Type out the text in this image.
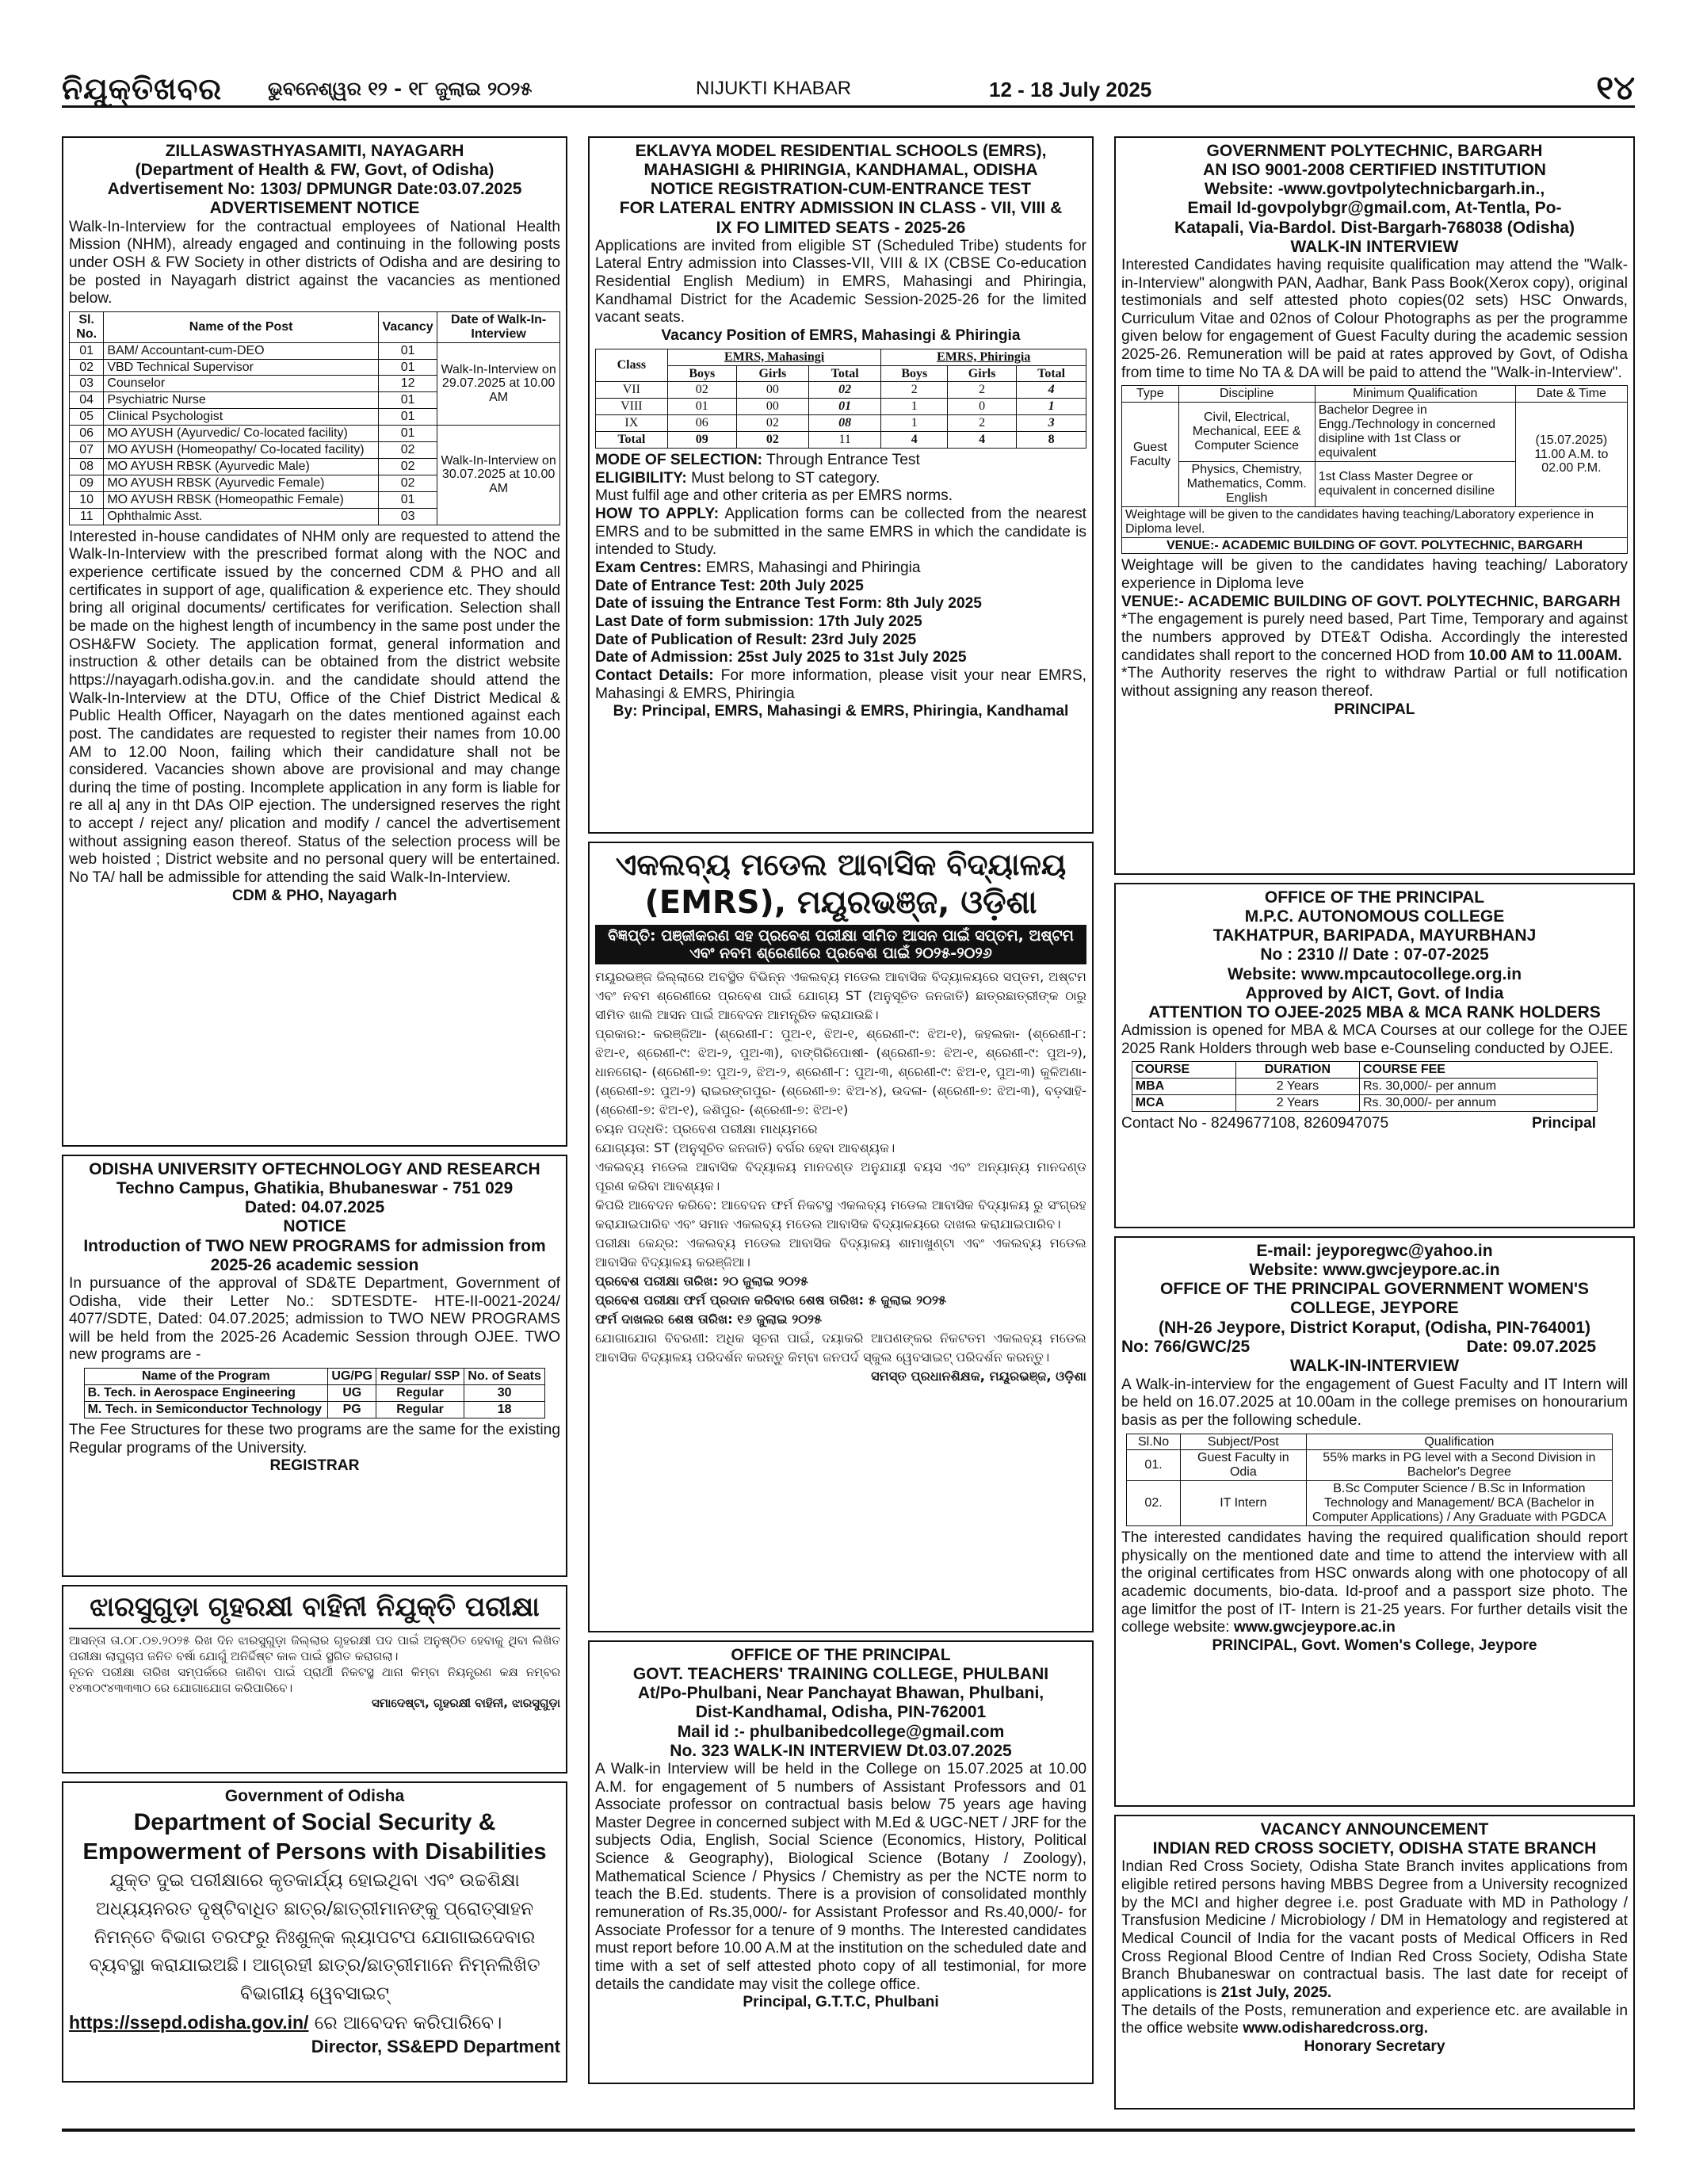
ନିଯୁକ୍ତିଖବର ଭୁବନେଶ୍ୱର ୧୨ - ୧୮ ଜୁଲାଇ ୨୦୨୫	NIJUKTI KHABAR	12 - 18 July 2025	୧୪
ZILLASWASTHYASAMITI, NAYAGARH
(Department of Health & FW, Govt, of Odisha)
Advertisement No: 1303/ DPMUNGR Date:03.07.2025
ADVERTISEMENT NOTICE

Walk-In-Interview for the contractual employees of National Health Mission (NHM), already engaged and continuing in the following posts under OSH & FW Society in other districts of Odisha and are desiring to be posted in Nayagarh district against the vacancies as mentioned below.

Sl. No.	Name of the Post	Vacancy	Date of Walk-In-Interview
01	BAM/ Accountant-cum-DEO	01	Walk-In-Interview on 29.07.2025 at 10.00 AM
02	VBD Technical Supervisor	01	
03	Counselor	12	
04	Psychiatric Nurse	01	
05	Clinical Psychologist	01	
06	MO AYUSH (Ayurvedic/ Co-located facility)	01	Walk-In-Interview on 30.07.2025 at 10.00 AM
07	MO AYUSH (Homeopathy/ Co-located facility)	02	
08	MO AYUSH RBSK (Ayurvedic Male)	02	
09	MO AYUSH RBSK (Ayurvedic Female)	02	
10	MO AYUSH RBSK (Homeopathic Female)	01	
11	Ophthalmic Asst.	03	

Interested in-house candidates of NHM only are requested to attend the Walk-In-Interview with the prescribed format along with the NOC and experience certificate issued by the concerned CDM & PHO and all certificates in support of age, qualification & experience etc. They should bring all original documents/ certificates for verification. Selection shall be made on the highest length of incumbency in the same post under the OSH&FW Society. The application format, general information and instruction & other details can be obtained from the district website https://nayagarh.odisha.gov.in. and the candidate should attend the Walk-In-Interview at the DTU, Office of the Chief District Medical & Public Health Officer, Nayagarh on the dates mentioned against each post. The candidates are requested to register their names from 10.00 AM to 12.00 Noon, failing which their candidature shall not be considered. Vacancies shown above are provisional and may change durinq the time of posting. Incomplete application in any form is liable for re all a| any in tht DAs OlP ejection. The undersigned reserves the right to accept / reject any/ plication and modify / cancel the advertisement without assigning eason thereof. Status of the selection process will be web hoisted ; District website and no personal query will be entertained. No TA/ hall be admissible for attending the said Walk-In-Interview.

CDM & PHO, Nayagarh
ODISHA UNIVERSITY OFTECHNOLOGY AND RESEARCH
Techno Campus, Ghatikia, Bhubaneswar - 751 029
Dated: 04.07.2025
NOTICE
Introduction of TWO NEW PROGRAMS for admission from 2025-26 academic session

In pursuance of the approval of SD&TE Department, Government of Odisha, vide their Letter No.: SDTESDTE- HTE-II-0021-2024/ 4077/SDTE, Dated: 04.07.2025; admission to TWO NEW PROGRAMS will be held from the 2025-26 Academic Session through OJEE. TWO new programs are -

Name of the Program	UG/PG	Regular/ SSP	No. of Seats
B. Tech. in Aerospace Engineering	UG	Regular	30
M. Tech. in Semiconductor Technology	PG	Regular	18

The Fee Structures for these two programs are the same for the existing Regular programs of the University.

REGISTRAR
ଝାରସୁଗୁଡ଼ା ଗୃହରକ୍ଷୀ ବାହିନୀ ନିଯୁକ୍ତି ପରୀକ୍ଷା

ଆସନ୍ତା ତା.୦୮.୦୭.୨୦୨୫ ରିଖ ଦିନ ଝାରସୁଗୁଡ଼ା ଜିଲ୍ଲାର ଗୃହରକ୍ଷୀ ପଦ ପାଇଁ ଅନୁଷ୍ଠିତ ହେବାକୁ ଥିବା ଲିଖିତ ପରୀକ୍ଷା ଲାଘୁଚାପ ଜନିତ ବର୍ଷା ଯୋଗୁଁ ଅନିର୍ଦ୍ଦିଷ୍ଟ କାଳ ପାଇଁ ସ୍ଥଗିତ କରାଗଲା।

ନୂତନ ପରୀକ୍ଷା ତାରିଖ ସମ୍ପର୍କରେ ଜାଣିବା ପାଇଁ ପ୍ରାର୍ଥୀ ନିକଟସ୍ଥ ଥାନା କିମ୍ବା ନିୟନ୍ତ୍ରଣ କକ୍ଷ ନମ୍ବର ୧୪୩୦୯୪୩୩୩୦ ରେ ଯୋଗାଯୋଗ କରିପାରିବେ।

ସମାଦେଷ୍ଟା, ଗୃହରକ୍ଷୀ ବାହିନୀ, ଝାରସୁଗୁଡ଼ା
Government of Odisha
Department of Social Security &
Empowerment of Persons with Disabilities

ଯୁକ୍ତ ଦୁଇ ପରୀକ୍ଷାରେ କୃତକାର୍ଯ୍ୟ ହୋଇଥିବା ଏବଂ ଉଚ୍ଚଶିକ୍ଷା ଅଧ୍ୟୟନରତ ଦୃଷ୍ଟିବାଧିତ ଛାତ୍ର/ଛାତ୍ରୀମାନଙ୍କୁ ପ୍ରୋତ୍ସାହନ ନିମନ୍ତେ ବିଭାଗ ତରଫରୁ ନିଃଶୁଳ୍କ ଲ୍ୟାପଟପ ଯୋଗାଇଦେବାର ବ୍ୟବସ୍ଥା କରାଯାଇଅଛି। ଆଗ୍ରହୀ ଛାତ୍ର/ଛାତ୍ରୀମାନେ ନିମ୍ନଲିଖିତ ବିଭାଗୀୟ ୱେବସାଇଟ୍

https://ssepd.odisha.gov.in/ ରେ ଆବେଦନ କରିପାରିବେ।

Director, SS&EPD Department
EKLAVYA MODEL RESIDENTIAL SCHOOLS (EMRS),
MAHASIGHI & PHIRINGIA, KANDHAMAL, ODISHA
NOTICE REGISTRATION-CUM-ENTRANCE TEST
FOR LATERAL ENTRY ADMISSION IN CLASS - VII, VIII &
IX FO LIMITED SEATS - 2025-26

Applications are invited from eligible ST (Scheduled Tribe) students for Lateral Entry admission into Classes-VII, VIII & IX (CBSE Co-education Residential English Medium) in EMRS, Mahasingi and Phiringia, Kandhamal District for the Academic Session-2025-26 for the limited vacant seats.

Vacancy Position of EMRS, Mahasingi & Phiringia
Class	EMRS, Mahasingi			EMRS, Phiringia		
	Boys	Girls	Total	Boys	Girls	Total
VII	02	00	02	2	2	4
VIII	01	00	01	1	0	1
IX	06	02	08	1	2	3
Total	09	02	11	4	4	8

MODE OF SELECTION: Through Entrance Test

ELIGIBILITY: Must belong to ST category.

Must fulfil age and other criteria as per EMRS norms.

HOW TO APPLY: Application forms can be collected from the nearest EMRS and to be submitted in the same EMRS in which the candidate is intended to Study.

Exam Centres: EMRS, Mahasingi and Phiringia

Date of Entrance Test: 20th July 2025

Date of issuing the Entrance Test Form: 8th July 2025

Last Date of form submission: 17th July 2025

Date of Publication of Result: 23rd July 2025

Date of Admission: 25st July 2025 to 31st July 2025

Contact Details: For more information, please visit your near EMRS, Mahasingi & EMRS, Phiringia

By: Principal, EMRS, Mahasingi & EMRS, Phiringia, Kandhamal
ଏକଲବ୍ୟ ମଡେଲ ଆବାସିକ ବିଦ୍ୟାଳୟ
(EMRS), ମୟୂରଭଞ୍ଜ, ଓଡ଼ିଶା
ବିଜ୍ଞପ୍ତି: ପଞ୍ଜୀକରଣ ସହ ପ୍ରବେଶ ପରୀକ୍ଷା ସୀମିତ ଆସନ ପାଇଁ ସପ୍ତମ, ଅଷ୍ଟମ ଏବଂ ନବମ ଶ୍ରେଣୀରେ ପ୍ରବେଶ ପାଇଁ ୨୦୨୫-୨୦୨୬

ମୟୂରଭଞ୍ଜ ଜିଲ୍ଲାରେ ଅବସ୍ଥିତ ବିଭିନ୍ନ ଏକଲବ୍ୟ ମଡେଲ ଆବାସିକ ବିଦ୍ୟାଳୟରେ ସପ୍ତମ, ଅଷ୍ଟମ ଏବଂ ନବମ ଶ୍ରେଣୀରେ ପ୍ରବେଶ ପାଇଁ ଯୋଗ୍ୟ ST (ଅନୁସୂଚିତ ଜନଜାତି) ଛାତ୍ରଛାତ୍ରୀଙ୍କ ଠାରୁ ସୀମିତ ଖାଲି ଆସନ ପାଇଁ ଆବେଦନ ଆମନ୍ତ୍ରିତ କରାଯାଉଛି।

ପ୍ରକାର:- କରଞ୍ଜିଆ- (ଶ୍ରେଣୀ-୮: ପୁଅ-୧, ଝିଅ-୧, ଶ୍ରେଣୀ-୯: ଝିଅ-୧), କହଲକା- (ଶ୍ରେଣୀ-୮: ଝିଅ-୧, ଶ୍ରେଣୀ-୯: ଝିଅ-୨, ପୁଅ-୩), ବାଙ୍ଗିରିପୋଷୀ- (ଶ୍ରେଣୀ-୭: ଝିଅ-୧, ଶ୍ରେଣୀ-୯: ପୁଅ-୨), ଧାନଗେରା- (ଶ୍ରେଣୀ-୭: ପୁଅ-୨, ଝିଅ-୨, ଶ୍ରେଣୀ-୮: ପୁଅ-୩, ଶ୍ରେଣୀ-୯: ଝିଅ-୧, ପୁଅ-୩) କୁଳିଅଣା- (ଶ୍ରେଣୀ-୭: ପୁଅ-୨) ରାଇରଙ୍ଗପୁର- (ଶ୍ରେଣୀ-୭: ଝିଅ-୪), ଉଦଳା- (ଶ୍ରେଣୀ-୭: ଝିଅ-୩), ବଡ଼ସାହି- (ଶ୍ରେଣୀ-୭: ଝିଅ-୧), ଜଶିପୁର- (ଶ୍ରେଣୀ-୭: ଝିଅ-୧)

ଚୟନ ପଦ୍ଧତି: ପ୍ରବେଶ ପରୀକ୍ଷା ମାଧ୍ୟମରେ

ଯୋଗ୍ୟତା: ST (ଅନୁସୂଚିତ ଜନଜାତି) ବର୍ଗର ହେବା ଆବଶ୍ୟକ।

ଏକଲବ୍ୟ ମଡେଲ ଆବାସିକ ବିଦ୍ୟାଳୟ ମାନଦଣ୍ଡ ଅନୁଯାୟୀ ବୟସ ଏବଂ ଅନ୍ୟାନ୍ୟ ମାନଦଣ୍ଡ ପୂରଣ କରିବା ଆବଶ୍ୟକ।

କିପରି ଆବେଦନ କରିବେ: ଆବେଦନ ଫର୍ମ ନିକଟସ୍ଥ ଏକଲବ୍ୟ ମଡେଲ ଆବାସିକ ବିଦ୍ୟାଳୟ ରୁ ସଂଗ୍ରହ କରାଯାଇପାରିବ ଏବଂ ସମାନ ଏକଲବ୍ୟ ମଡେଲ ଆବାସିକ ବିଦ୍ୟାଳୟରେ ଦାଖଲ କରାଯାଇପାରିବ।

ପରୀକ୍ଷା କେନ୍ଦ୍ର: ଏକଲବ୍ୟ ମଡେଲ ଆବାସିକ ବିଦ୍ୟାଳୟ ଶାମାଖୁଣ୍ଟା ଏବଂ ଏକଲବ୍ୟ ମଡେଲ ଆବାସିକ ବିଦ୍ୟାଳୟ କରଞ୍ଜିଆ।

ପ୍ରବେଶ ପରୀକ୍ଷା ତାରିଖ: ୨୦ ଜୁଲାଇ ୨୦୨୫

ପ୍ରବେଶ ପରୀକ୍ଷା ଫର୍ମ ପ୍ରଦାନ କରିବାର ଶେଷ ତାରିଖ: ୫ ଜୁଲାଇ ୨୦୨୫

ଫର୍ମ ଦାଖଲର ଶେଷ ତାରିଖ: ୧୬ ଜୁଲାଇ ୨୦୨୫

ଯୋଗାଯୋଗ ବିବରଣୀ: ଅଧିକ ସୂଚନା ପାଇଁ, ଦୟାକରି ଆପଣଙ୍କର ନିକଟତମ ଏକଲବ୍ୟ ମଡେଲ ଆବାସିକ ବିଦ୍ୟାଳୟ ପରିଦର୍ଶନ କରନ୍ତୁ କିମ୍ବା ଜନପର୍ଦ ସ୍କୁଲ ୱେବସାଇଟ୍ ପରିଦର୍ଶନ କରନ୍ତୁ।

ସମସ୍ତ ପ୍ରଧାନଶିକ୍ଷକ, ମୟୂରଭଞ୍ଜ, ଓଡ଼ିଶା
OFFICE OF THE PRINCIPAL
GOVT. TEACHERS' TRAINING COLLEGE, PHULBANI
At/Po-Phulbani, Near Panchayat Bhawan, Phulbani,
Dist-Kandhamal, Odisha, PIN-762001
Mail id :- phulbanibedcollege@gmail.com
No. 323 WALK-IN INTERVIEW Dt.03.07.2025

A Walk-in Interview will be held in the College on 15.07.2025 at 10.00 A.M. for engagement of 5 numbers of Assistant Professors and 01 Associate professor on contractual basis below 75 years age having Master Degree in concerned subject with M.Ed & UGC-NET / JRF for the subjects Odia, English, Social Science (Economics, History, Political Science & Geography), Biological Science (Botany / Zoology), Mathematical Science / Physics / Chemistry as per the NCTE norm to teach the B.Ed. students. There is a provision of consolidated monthly remuneration of Rs.35,000/- for Assistant Professor and Rs.40,000/- for Associate Professor for a tenure of 9 months. The Interested candidates must report before 10.00 A.M at the institution on the scheduled date and time with a set of self attested photo copy of all testimonial, for more details the candidate may visit the college office.

Principal, G.T.T.C, Phulbani
GOVERNMENT POLYTECHNIC, BARGARH
AN ISO 9001-2008 CERTIFIED INSTITUTION
Website: -www.govtpolytechnicbargarh.in.,
Email Id-govpolybgr@gmail.com, At-Tentla, Po-
Katapali, Via-Bardol. Dist-Bargarh-768038 (Odisha)
WALK-IN INTERVIEW

Interested Candidates having requisite qualification may attend the "Walk-in-Interview" alongwith PAN, Aadhar, Bank Pass Book(Xerox copy), original testimonials and self attested photo copies(02 sets) HSC Onwards, Curriculum Vitae and 02nos of Colour Photographs as per the programme given below for engagement of Guest Faculty during the academic session 2025-26. Remuneration will be paid at rates approved by Govt, of Odisha from time to time No TA & DA will be paid to attend the "Walk-in-Interview".

Type	Discipline	Minimum Qualification	Date & Time
Guest Faculty	Civil, Electrical, Mechanical, EEE & Computer Science	Bachelor Degree in Engg./Technology in concerned disipline with 1st Class or equivalent	(15.07.2025) 11.00 A.M. to 02.00 P.M.
	Physics, Chemistry, Mathematics, Comm. English	1st Class Master Degree or equivalent in concerned disiline	
Weightage will be given to the candidates having teaching/Laboratory experience in Diploma level.			
VENUE:- ACADEMIC BUILDING OF GOVT. POLYTECHNIC, BARGARH			

Weightage will be given to the candidates having teaching/ Laboratory experience in Diploma leve

VENUE:- ACADEMIC BUILDING OF GOVT. POLYTECHNIC, BARGARH

*The engagement is purely need based, Part Time, Temporary and against the numbers approved by DTE&T Odisha. Accordingly the interested candidates shall report to the concerned HOD from 10.00 AM to 11.00AM.

*The Authority reserves the right to withdraw Partial or full notification without assigning any reason thereof.

PRINCIPAL
OFFICE OF THE PRINCIPAL
M.P.C. AUTONOMOUS COLLEGE
TAKHATPUR, BARIPADA, MAYURBHANJ
No : 2310 // Date : 07-07-2025
Website: www.mpcautocollege.org.in
Approved by AICT, Govt. of India
ATTENTION TO OJEE-2025 MBA & MCA RANK HOLDERS

Admission is opened for MBA & MCA Courses at our college for the OJEE 2025 Rank Holders through web base e-Counseling conducted by OJEE.

COURSE	DURATION	COURSE FEE
MBA	2 Years	Rs. 30,000/- per annum
MCA	2 Years	Rs. 30,000/- per annum

Contact No - 8249677108, 8260947075	Principal

E-mail: jeyporegwc@yahoo.in
Website: www.gwcjeypore.ac.in
OFFICE OF THE PRINCIPAL GOVERNMENT WOMEN'S COLLEGE, JEYPORE
(NH-26 Jeypore, District Koraput, (Odisha, PIN-764001)
No: 766/GWC/25	Date: 09.07.2025
WALK-IN-INTERVIEW

A Walk-in-interview for the engagement of Guest Faculty and IT Intern will be held on 16.07.2025 at 10.00am in the college premises on honourarium basis as per the following schedule.

Sl.No	Subject/Post	Qualification
01.	Guest Faculty in Odia	55% marks in PG level with a Second Division in Bachelor's Degree
02.	IT Intern	B.Sc Computer Science / B.Sc in Information Technology and Management/ BCA (Bachelor in Computer Applications) / Any Graduate with PGDCA

The interested candidates having the required qualification should report physically on the mentioned date and time to attend the interview with all the original certificates from HSC onwards along with one photocopy of all academic documents, bio-data. Id-proof and a passport size photo. The age limitfor the post of IT- Intern is 21-25 years. For further details visit the college website: www.gwcjeypore.ac.in

PRINCIPAL, Govt. Women's College, Jeypore
VACANCY ANNOUNCEMENT
INDIAN RED CROSS SOCIETY, ODISHA STATE BRANCH

Indian Red Cross Society, Odisha State Branch invites applications from eligible retired persons having MBBS Degree from a University recognized by the MCI and higher degree i.e. post Graduate with MD in Pathology / Transfusion Medicine / Microbiology / DM in Hematology and registered at Medical Council of India for the vacant posts of Medical Officers in Red Cross Regional Blood Centre of Indian Red Cross Society, Odisha State Branch Bhubaneswar on contractual basis. The last date for receipt of applications is 21st July, 2025.

The details of the Posts, remuneration and experience etc. are available in the office website www.odisharedcross.org.

Honorary Secretary
